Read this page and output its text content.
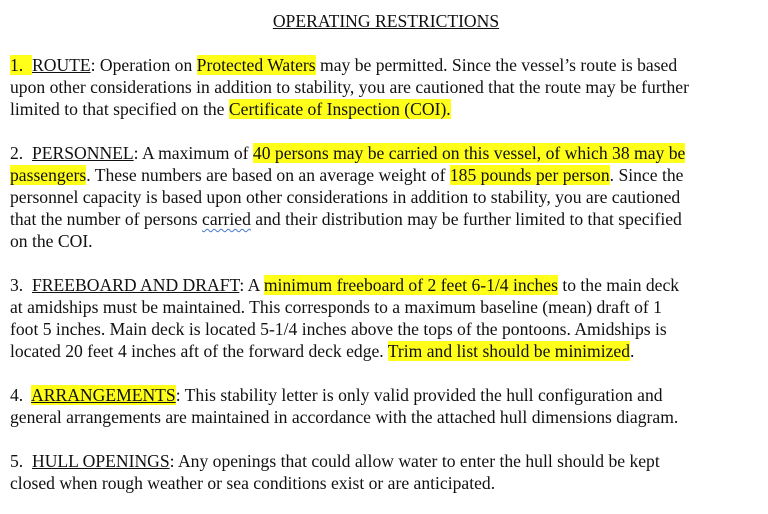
OPERATING RESTRICTIONS
1.  ROUTE: Operation on Protected Waters may be permitted. Since the vessel’s route is based
upon other considerations in addition to stability, you are cautioned that the route may be further
limited to that specified on the Certificate of Inspection (COI).
2.  PERSONNEL: A maximum of 40 persons may be carried on this vessel, of which 38 may be
passengers. These numbers are based on an average weight of 185 pounds per person. Since the
personnel capacity is based upon other considerations in addition to stability, you are cautioned
that the number of persons carried and their distribution may be further limited to that specified
on the COI.
3.  FREEBOARD AND DRAFT: A minimum freeboard of 2 feet 6-1/4 inches to the main deck
at amidships must be maintained. This corresponds to a maximum baseline (mean) draft of 1
foot 5 inches. Main deck is located 5-1/4 inches above the tops of the pontoons. Amidships is
located 20 feet 4 inches aft of the forward deck edge. Trim and list should be minimized.
4.  ARRANGEMENTS: This stability letter is only valid provided the hull configuration and
general arrangements are maintained in accordance with the attached hull dimensions diagram.
5.  HULL OPENINGS: Any openings that could allow water to enter the hull should be kept
closed when rough weather or sea conditions exist or are anticipated.
